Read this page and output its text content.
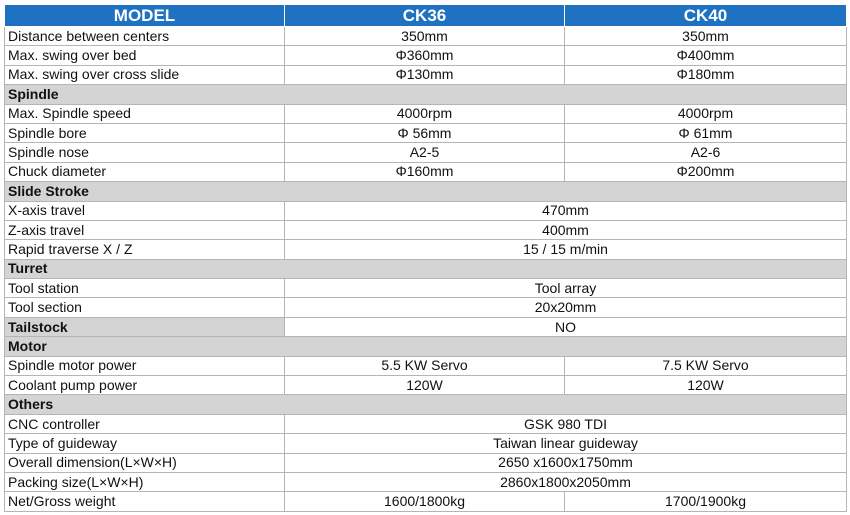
MODEL	CK36	CK40
Distance between centers	350mm	350mm
Max. swing over bed	Φ360mm	Φ400mm
Max. swing over cross slide	Φ130mm	Φ180mm
Spindle		
Max. Spindle speed	4000rpm	4000rpm
Spindle bore	Φ 56mm	Φ 61mm
Spindle nose	A2-5	A2-6
Chuck diameter	Φ160mm	Φ200mm
Slide Stroke		
X-axis travel	470mm	
Z-axis travel	400mm	
Rapid traverse X / Z	15 / 15 m/min	
Turret		
Tool station	Tool array	
Tool section	20x20mm	
Tailstock	NO	
Motor		
Spindle motor power	5.5 KW Servo	7.5 KW Servo
Coolant pump power	120W	120W
Others		
CNC controller	GSK 980 TDI	
Type of guideway	Taiwan linear guideway	
Overall dimension(L×W×H)	2650 x1600x1750mm	
Packing size(L×W×H)	2860x1800x2050mm	
Net/Gross weight	1600/1800kg	1700/1900kg
